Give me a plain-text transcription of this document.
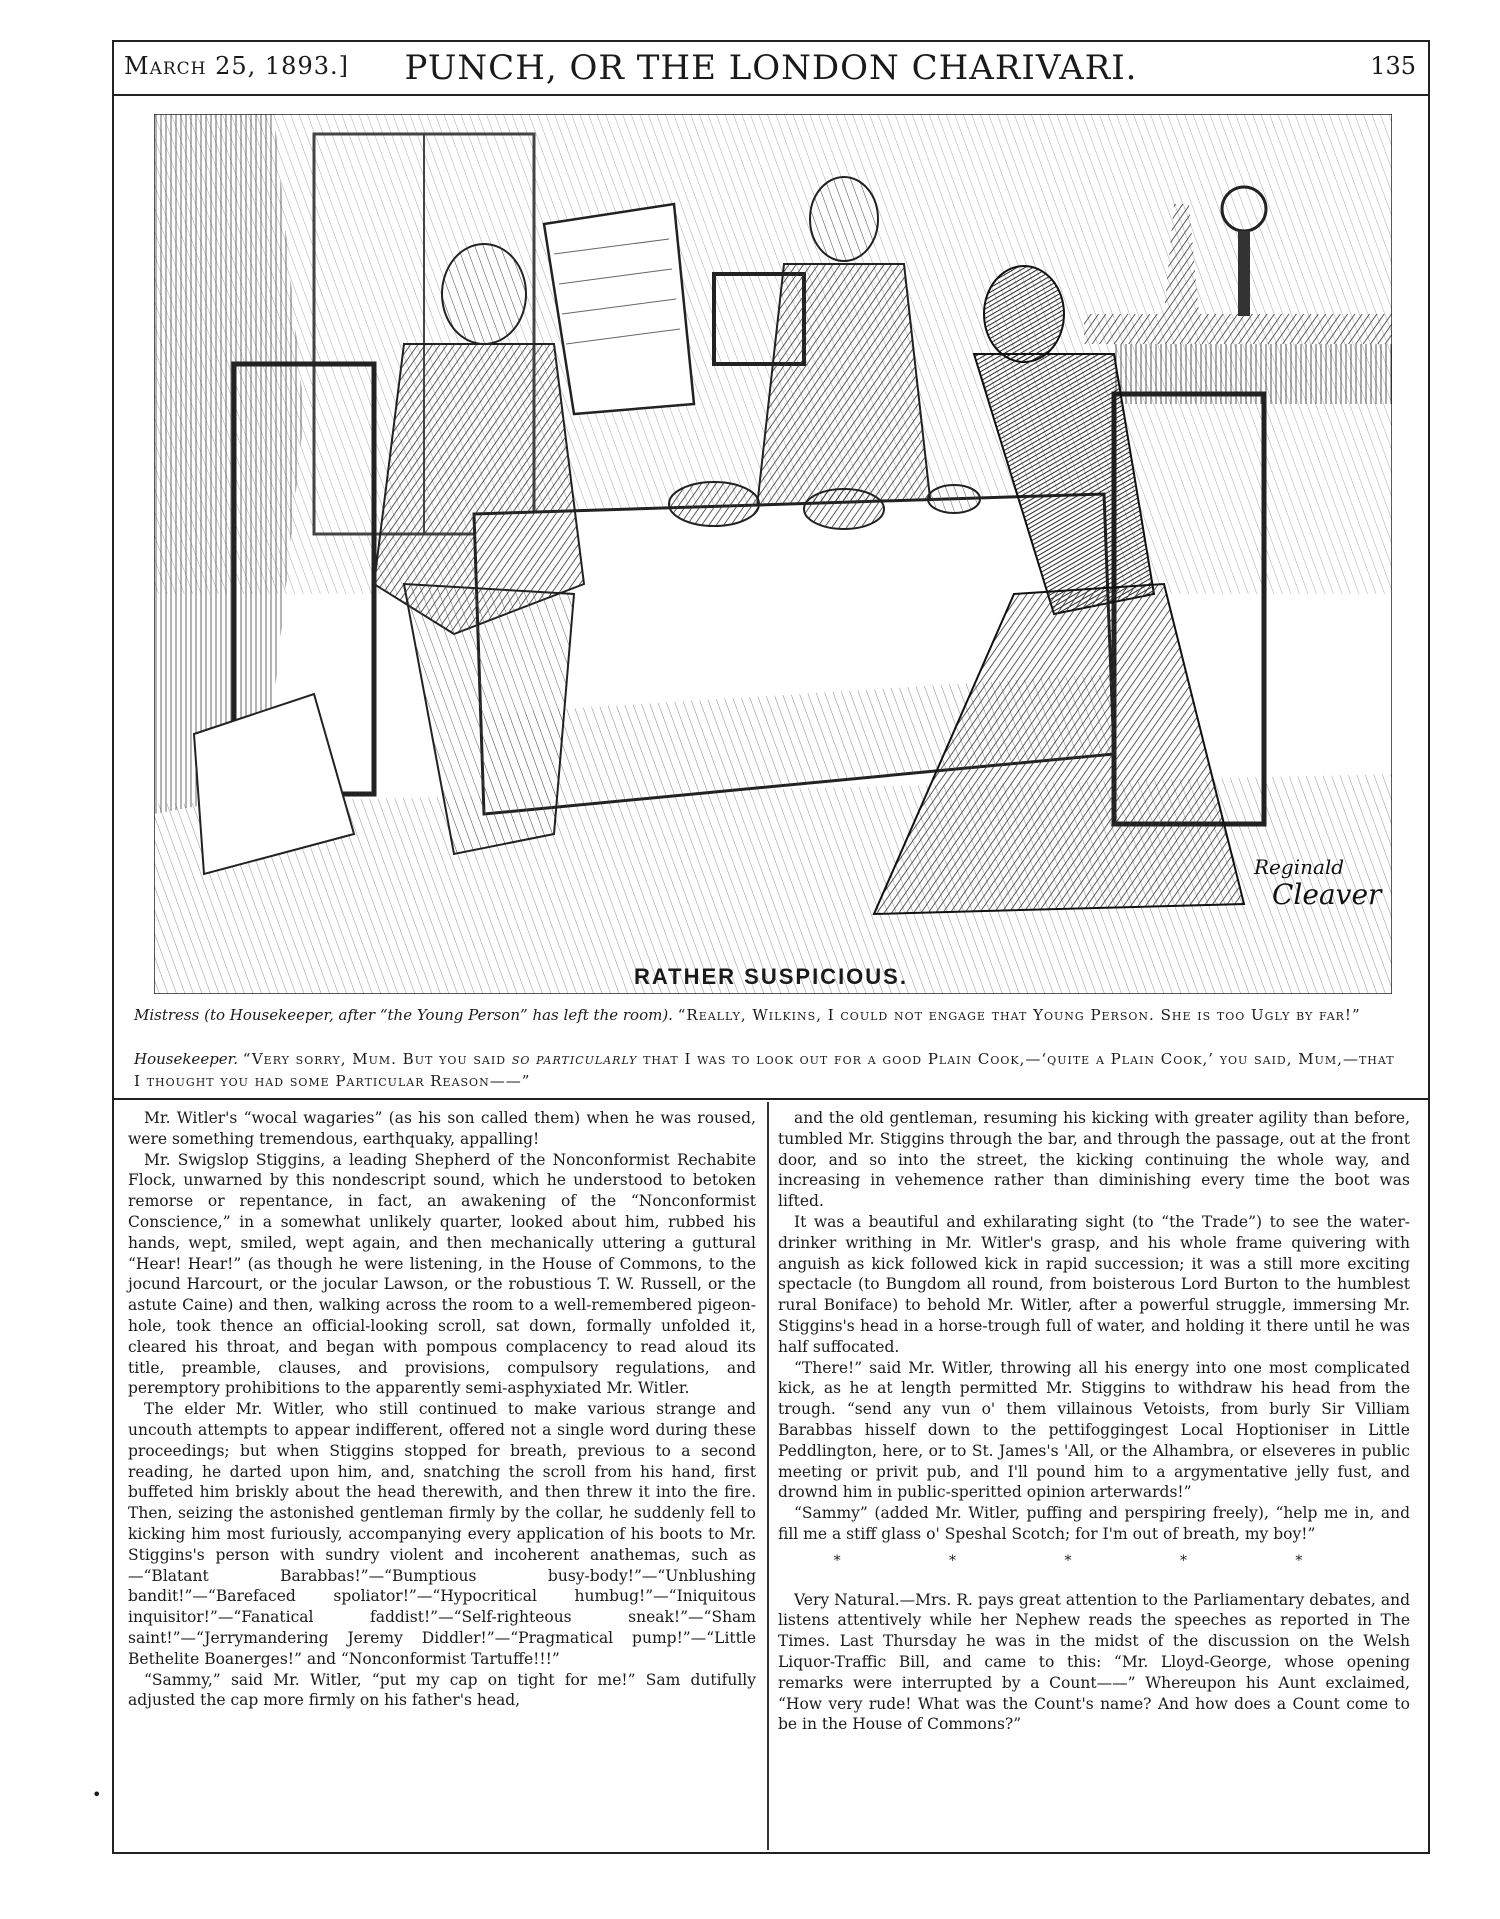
March 25, 1893.]	PUNCH, OR THE LONDON CHARIVARI.	135
Reginald
Cleaver
RATHER SUSPICIOUS.
Mistress (to Housekeeper, after “the Young Person” has left the room). “Really, Wilkins, I could not engage that Young Person. She is too Ugly by far!”
Housekeeper. “Very sorry, Mum. But you said so particularly that I was to look out for a good Plain Cook,—‘quite a Plain Cook,’ you said, Mum,—that I thought you had some Particular Reason——”

Mr. Witler's “wocal wagaries” (as his son called them) when he was roused, were something tremendous, earthquaky, appalling!

Mr. Swigslop Stiggins, a leading Shepherd of the Nonconformist Rechabite Flock, unwarned by this nondescript sound, which he understood to betoken remorse or repentance, in fact, an awakening of the “Nonconformist Conscience,” in a somewhat unlikely quarter, looked about him, rubbed his hands, wept, smiled, wept again, and then mechanically uttering a guttural “Hear! Hear!” (as though he were listening, in the House of Commons, to the jocund Harcourt, or the jocular Lawson, or the robustious T. W. Russell, or the astute Caine) and then, walking across the room to a well-remembered pigeon-hole, took thence an official-looking scroll, sat down, formally unfolded it, cleared his throat, and began with pompous complacency to read aloud its title, preamble, clauses, and provisions, compulsory regulations, and peremptory prohibitions to the apparently semi-asphyxiated Mr. Witler.

The elder Mr. Witler, who still continued to make various strange and uncouth attempts to appear indifferent, offered not a single word during these proceedings; but when Stiggins stopped for breath, previous to a second reading, he darted upon him, and, snatching the scroll from his hand, first buffeted him briskly about the head therewith, and then threw it into the fire. Then, seizing the astonished gentleman firmly by the collar, he suddenly fell to kicking him most furiously, accompanying every application of his boots to Mr. Stiggins's person with sundry violent and incoherent anathemas, such as—“Blatant Barabbas!”—“Bumptious busy-body!”—“Unblushing bandit!”—“Barefaced spoliator!”—“Hypocritical humbug!”—“Iniquitous inquisitor!”—“Fanatical faddist!”—“Self-righteous sneak!”—“Sham saint!”—“Jerrymandering Jeremy Diddler!”—“Pragmatical pump!”—“Little Bethelite Boanerges!” and “Nonconformist Tartuffe!!!”

“Sammy,” said Mr. Witler, “put my cap on tight for me!” Sam dutifully adjusted the cap more firmly on his father's head,

and the old gentleman, resuming his kicking with greater agility than before, tumbled Mr. Stiggins through the bar, and through the passage, out at the front door, and so into the street, the kicking continuing the whole way, and increasing in vehemence rather than diminishing every time the boot was lifted.

It was a beautiful and exhilarating sight (to “the Trade”) to see the water-drinker writhing in Mr. Witler's grasp, and his whole frame quivering with anguish as kick followed kick in rapid succession; it was a still more exciting spectacle (to Bungdom all round, from boisterous Lord Burton to the humblest rural Boniface) to behold Mr. Witler, after a powerful struggle, immersing Mr. Stiggins's head in a horse-trough full of water, and holding it there until he was half suffocated.

“There!” said Mr. Witler, throwing all his energy into one most complicated kick, as he at length permitted Mr. Stiggins to withdraw his head from the trough. “send any vun o' them villainous Vetoists, from burly Sir Villiam Barabbas hisself down to the pettifoggingest Local Hoptioniser in Little Peddlington, here, or to St. James's 'All, or the Alhambra, or elseveres in public meeting or privit pub, and I'll pound him to a argymentative jelly fust, and drownd him in public-speritted opinion arterwards!”

“Sammy” (added Mr. Witler, puffing and perspiring freely), “help me in, and fill me a stiff glass o' Speshal Scotch; for I'm out of breath, my boy!”

* * * * *

Very Natural.—Mrs. R. pays great attention to the Parliamentary debates, and listens attentively while her Nephew reads the speeches as reported in The Times. Last Thursday he was in the midst of the discussion on the Welsh Liquor-Traffic Bill, and came to this: “Mr. Lloyd-George, whose opening remarks were interrupted by a Count——” Whereupon his Aunt exclaimed, “How very rude! What was the Count's name? And how does a Count come to be in the House of Commons?”

•
